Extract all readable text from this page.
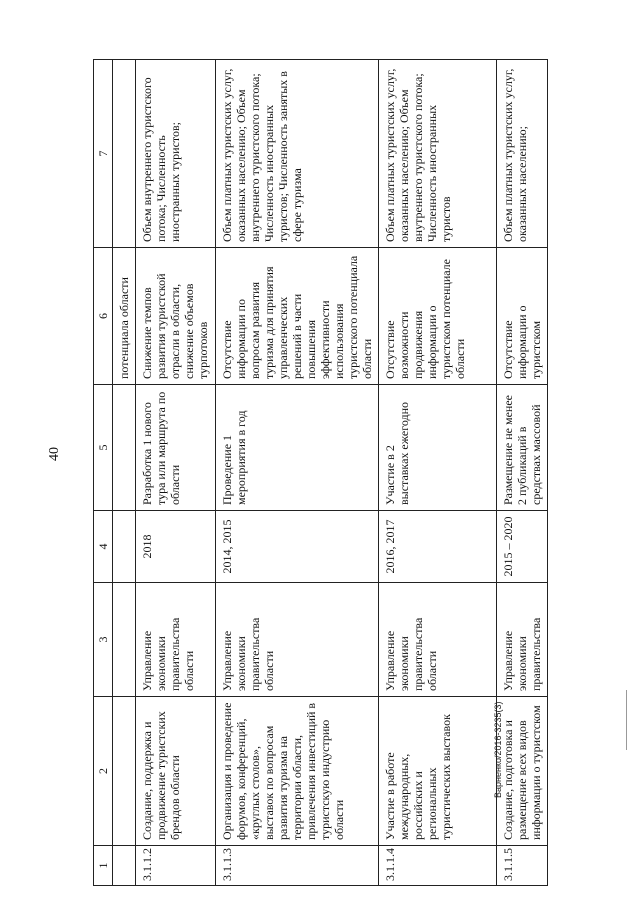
40
1	2	3	4	5	6	7
					потенциала области	
3.1.1.2	Создание, поддержка и продвижение туристских брендов области	Управление экономики правительства области	2018	Разработка 1 нового тура или маршрута по области	Снижение темпов развития туристской отрасли в области, снижение объемов турпотоков	Объем внутреннего туристского потока; Численность иностранных туристов;
3.1.1.3	Организация и проведение форумов, конференций, «круглых столов», выставок по вопросам развития туризма на территории области, привлечения инвестиций в туристскую индустрию области	Управление экономики правительства области	2014, 2015	Проведение 1 мероприятия в год	Отсутствие информации по вопросам развития туризма для принятия управленческих решений в части повышения эффективности использования туристского потенциала области	Объем платных туристских услуг, оказанных населению; Объем внутреннего туристского потока; Численность иностранных туристов; Численность занятых в сфере туризма
3.1.1.4	Участие в работе международных, российских и региональных туристических выставок	Управление экономики правительства области	2016, 2017	Участие в 2 выставках ежегодно	Отсутствие возможности продвижения информации о туристском потенциале области	Объем платных туристских услуг, оказанных населению; Объем внутреннего туристского потока; Численность иностранных туристов
3.1.1.5	Создание, подготовка и размещение всех видов информации о туристском	Управление экономики правительства	2015 – 2020	Размещение не менее 2 публикаций в средствах массовой	Отсутствие информации о туристском	Объем платных туристских услуг, оказанных населению;
Варненко/2016-3235(3)
